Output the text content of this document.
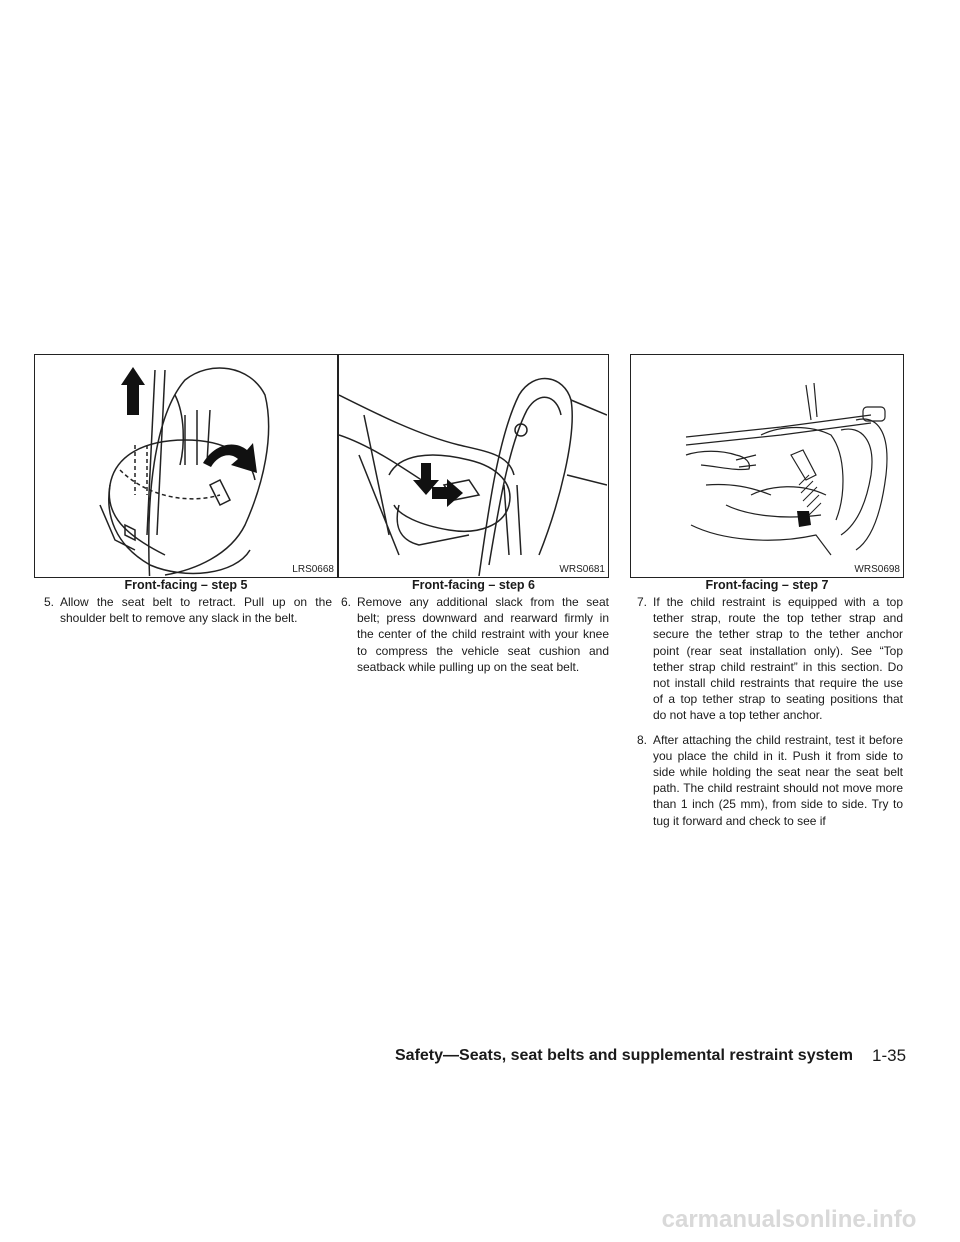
LRS0668	WRS0681	WRS0698
Front-facing – step 5	Front-facing – step 6	Front-facing – step 7
5. Allow the seat belt to retract. Pull up on the shoulder belt to remove any slack in the belt.
6. Remove any additional slack from the seat belt; press downward and rearward firmly in the center of the child restraint with your knee to compress the vehicle seat cushion and seatback while pulling up on the seat belt.
7. If the child restraint is equipped with a top tether strap, route the top tether strap and secure the tether strap to the tether anchor point (rear seat installation only). See “Top tether strap child restraint” in this section. Do not install child restraints that require the use of a top tether strap to seating positions that do not have a top tether anchor.
8. After attaching the child restraint, test it before you place the child in it. Push it from side to side while holding the seat near the seat belt path. The child restraint should not move more than 1 inch (25 mm), from side to side. Try to tug it forward and check to see if
Safety—Seats, seat belts and supplemental restraint system 1-35
carmanualsonline.info
